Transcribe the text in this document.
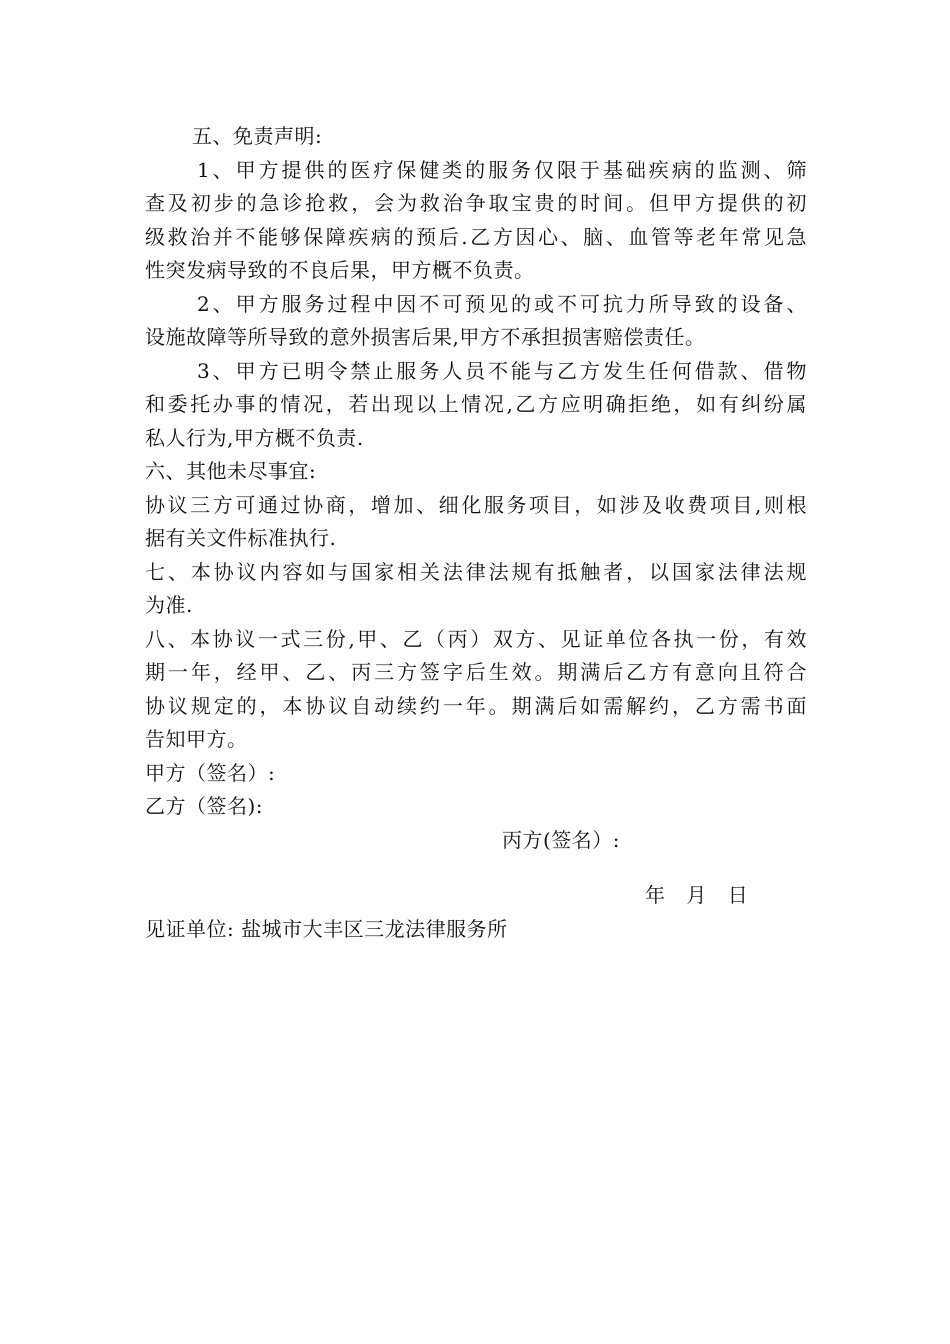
五、免责声明:
1、甲方提供的医疗保健类的服务仅限于基础疾病的监测、筛
查及初步的急诊抢救，会为救治争取宝贵的时间。但甲方提供的初
级救治并不能够保障疾病的预后.乙方因心、脑、血管等老年常见急
性突发病导致的不良后果，甲方概不负责。
2、甲方服务过程中因不可预见的或不可抗力所导致的设备、
设施故障等所导致的意外损害后果,甲方不承担损害赔偿责任。
3、甲方已明令禁止服务人员不能与乙方发生任何借款、借物
和委托办事的情况，若出现以上情况,乙方应明确拒绝，如有纠纷属
私人行为,甲方概不负责.
六、其他未尽事宜:
协议三方可通过协商，增加、细化服务项目，如涉及收费项目,则根
据有关文件标准执行.
七、本协议内容如与国家相关法律法规有抵触者，以国家法律法规
为准.
八、本协议一式三份,甲、乙（丙）双方、见证单位各执一份，有效
期一年，经甲、乙、丙三方签字后生效。期满后乙方有意向且符合
协议规定的，本协议自动续约一年。期满后如需解约，乙方需书面
告知甲方。
甲方（签名）:
乙方（签名):
丙方(签名）:
年 月 日
见证单位: 盐城市大丰区三龙法律服务所
